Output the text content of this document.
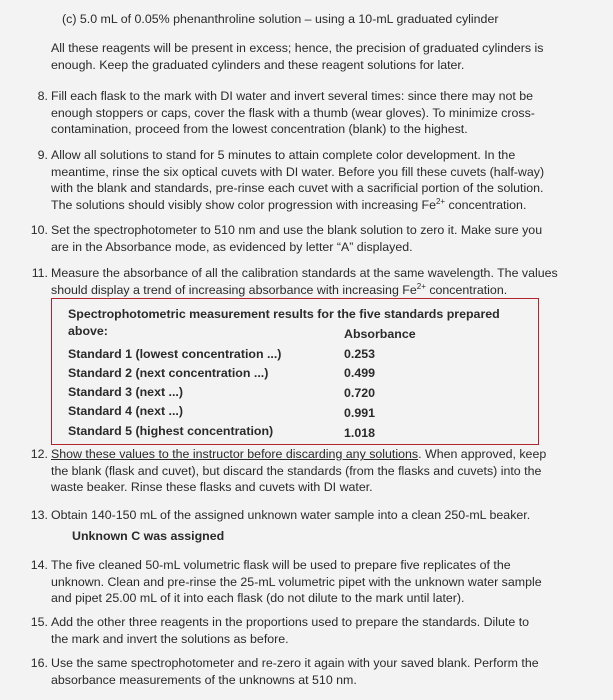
(c) 5.0 mL of 0.05% phenanthroline solution – using a 10-mL graduated cylinder
All these reagents will be present in excess; hence, the precision of graduated cylinders is
enough. Keep the graduated cylinders and these reagent solutions for later.
8. Fill each flask to the mark with DI water and invert several times: since there may not be
enough stoppers or caps, cover the flask with a thumb (wear gloves). To minimize cross-
contamination, proceed from the lowest concentration (blank) to the highest.
9. Allow all solutions to stand for 5 minutes to attain complete color development. In the
meantime, rinse the six optical cuvets with DI water. Before you fill these cuvets (half-way)
with the blank and standards, pre-rinse each cuvet with a sacrificial portion of the solution.
The solutions should visibly show color progression with increasing $Fe^{2+}$ concentration.
10. Set the spectrophotometer to 510 nm and use the blank solution to zero it. Make sure you
are in the Absorbance mode, as evidenced by letter “A” displayed.
11. Measure the absorbance of all the calibration standards at the same wavelength. The values
should display a trend of increasing absorbance with increasing $Fe^{2+}$ concentration.
Spectrophotometric measurement results for the five standards prepared above:	Absorbance
Standard 1 (lowest concentration ...)	0.253
Standard 2 (next concentration ...)	0.499
Standard 3 (next ...)	0.720
Standard 4 (next ...)	0.991
Standard 5 (highest concentration)	1.018
12. Show these values to the instructor before discarding any solutions. When approved, keep
the blank (flask and cuvet), but discard the standards (from the flasks and cuvets) into the
waste beaker. Rinse these flasks and cuvets with DI water.
13. Obtain 140-150 mL of the assigned unknown water sample into a clean 250-mL beaker.
Unknown C was assigned
14. The five cleaned 50-mL volumetric flask will be used to prepare five replicates of the
unknown. Clean and pre-rinse the 25-mL volumetric pipet with the unknown water sample
and pipet 25.00 mL of it into each flask (do not dilute to the mark until later).
15. Add the other three reagents in the proportions used to prepare the standards. Dilute to
the mark and invert the solutions as before.
16. Use the same spectrophotometer and re-zero it again with your saved blank. Perform the
absorbance measurements of the unknowns at 510 nm.
